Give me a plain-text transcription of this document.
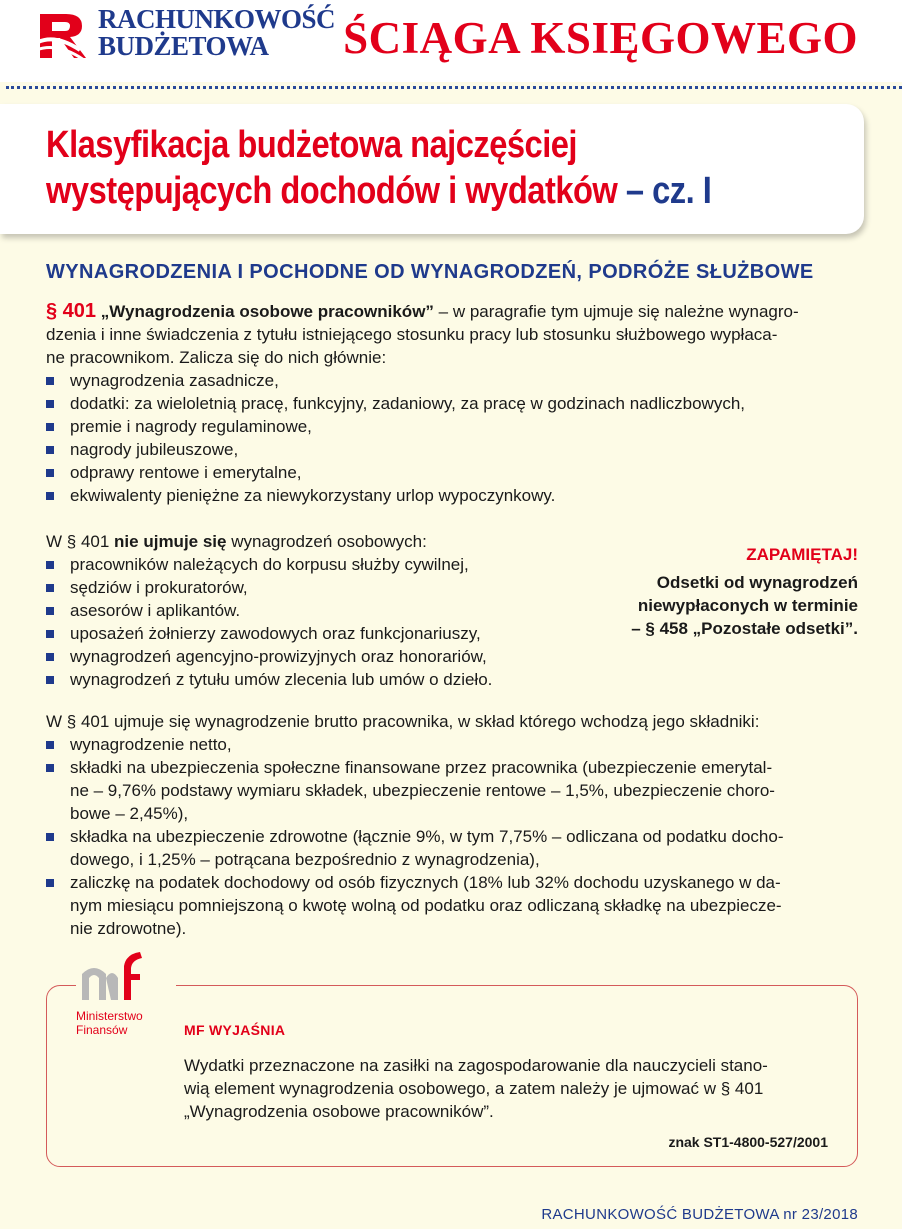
RACHUNKOWOŚĆ
BUDŻETOWA	ŚCIĄGA KSIĘGOWEGO
Klasyfikacja budżetowa najczęściej
występujących dochodów i wydatków – cz. I
WYNAGRODZENIA I POCHODNE OD WYNAGRODZEŃ, PODRÓŻE SŁUŻBOWE
§ 401 „Wynagrodzenia osobowe pracowników” – w paragrafie tym ujmuje się należne wynagro-
dzenia i inne świadczenia z tytułu istniejącego stosunku pracy lub stosunku służbowego wypłaca-
ne pracownikom. Zalicza się do nich głównie:
wynagrodzenia zasadnicze,
dodatki: za wieloletnią pracę, funkcyjny, zadaniowy, za pracę w godzinach nadliczbowych,
premie i nagrody regulaminowe,
nagrody jubileuszowe,
odprawy rentowe i emerytalne,
ekwiwalenty pieniężne za niewykorzystany urlop wypoczynkowy.
W § 401 nie ujmuje się wynagrodzeń osobowych:
pracowników należących do korpusu służby cywilnej,
sędziów i prokuratorów,
asesorów i aplikantów.
uposażeń żołnierzy zawodowych oraz funkcjonariuszy,
wynagrodzeń agencyjno-prowizyjnych oraz honorariów,
wynagrodzeń z tytułu umów zlecenia lub umów o dzieło.
ZAPAMIĘTAJ!
Odsetki od wynagrodzeń
niewypłaconych w terminie
– § 458 „Pozostałe odsetki”.
W § 401 ujmuje się wynagrodzenie brutto pracownika, w skład którego wchodzą jego składniki:
wynagrodzenie netto,
składki na ubezpieczenia społeczne finansowane przez pracownika (ubezpieczenie emerytal-
ne – 9,76% podstawy wymiaru składek, ubezpieczenie rentowe – 1,5%, ubezpieczenie choro-
bowe – 2,45%),
składka na ubezpieczenie zdrowotne (łącznie 9%, w tym 7,75% – odliczana od podatku docho-
dowego, i 1,25% – potrącana bezpośrednio z wynagrodzenia),
zaliczkę na podatek dochodowy od osób fizycznych (18% lub 32% dochodu uzyskanego w da-
nym miesiącu pomniejszoną o kwotę wolną od podatku oraz odliczaną składkę na ubezpiecze-
nie zdrowotne).
Ministerstwo
Finansów	MF WYJAŚNIA
Wydatki przeznaczone na zasiłki na zagospodarowanie dla nauczycieli stano-
wią element wynagrodzenia osobowego, a zatem należy je ujmować w § 401
„Wynagrodzenia osobowe pracowników”.
znak ST1-4800-527/2001
RACHUNKOWOŚĆ BUDŻETOWA nr 23/2018
